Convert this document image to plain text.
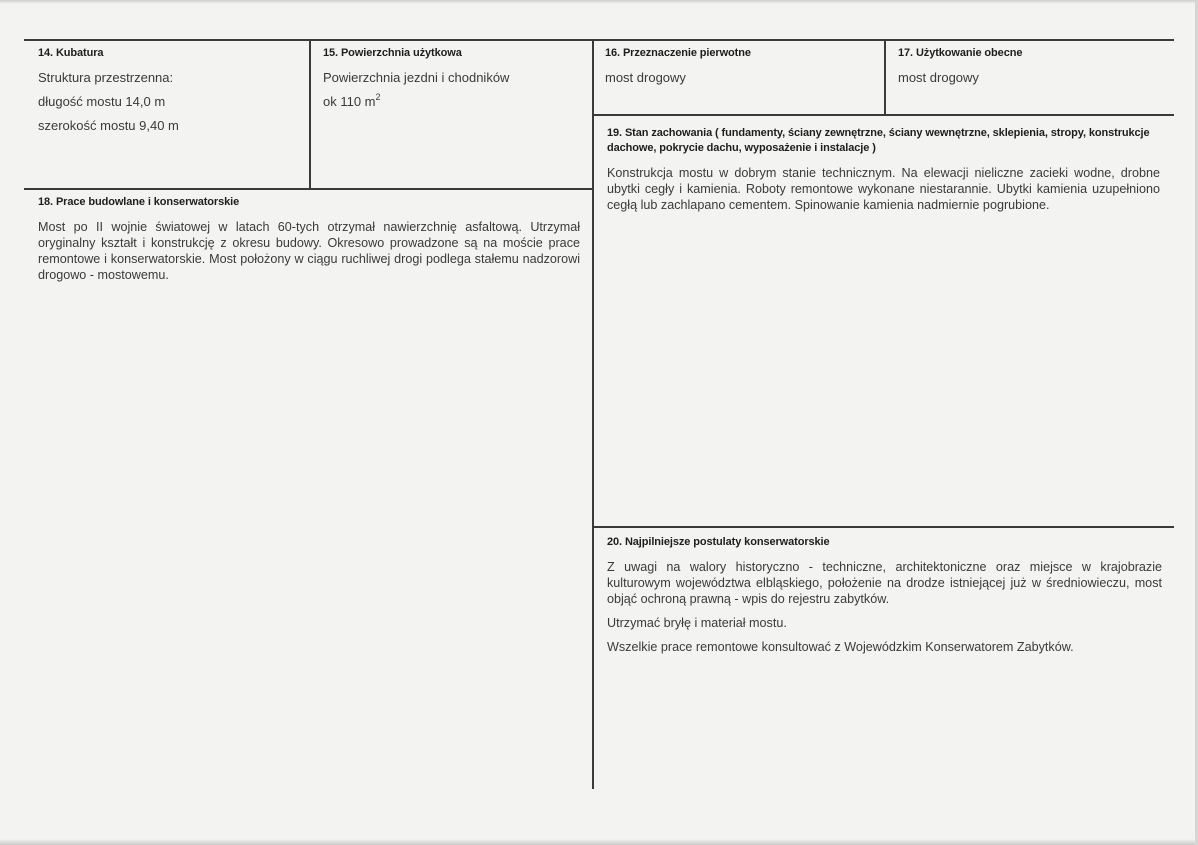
14. Kubatura
Struktura przestrzenna:
długość mostu 14,0 m
szerokość mostu 9,40 m
15. Powierzchnia użytkowa
Powierzchnia jezdni i chodników
ok 110 $m^2$
16. Przeznaczenie pierwotne
most drogowy
17. Użytkowanie obecne
most drogowy
18. Prace budowlane i konserwatorskie

Most po II wojnie światowej w latach 60-tych otrzymał nawierzchnię asfaltową. Utrzymał oryginalny kształt i konstrukcję z okresu budowy. Okresowo prowadzone są na moście prace remontowe i konserwatorskie. Most położony w ciągu ruchliwej drogi podlega stałemu nadzorowi drogowo - mostowemu.

19. Stan zachowania ( fundamenty, ściany zewnętrzne, ściany wewnętrzne, sklepienia, stropy, konstrukcje dachowe, pokrycie dachu, wyposażenie i instalacje )

Konstrukcja mostu w dobrym stanie technicznym. Na elewacji nieliczne zacieki wodne, drobne ubytki cegły i kamienia. Roboty remontowe wykonane niestarannie. Ubytki kamienia uzupełniono cegłą lub zachlapano cementem. Spinowanie kamienia nadmiernie pogrubione.

20. Najpilniejsze postulaty konserwatorskie

Z uwagi na walory historyczno - techniczne, architektoniczne oraz miejsce w krajobrazie kulturowym województwa elbląskiego, położenie na drodze istniejącej już w średniowieczu, most objąć ochroną prawną - wpis do rejestru zabytków.

Utrzymać bryłę i materiał mostu.

Wszelkie prace remontowe konsultować z Wojewódzkim Konserwatorem Zabytków.
